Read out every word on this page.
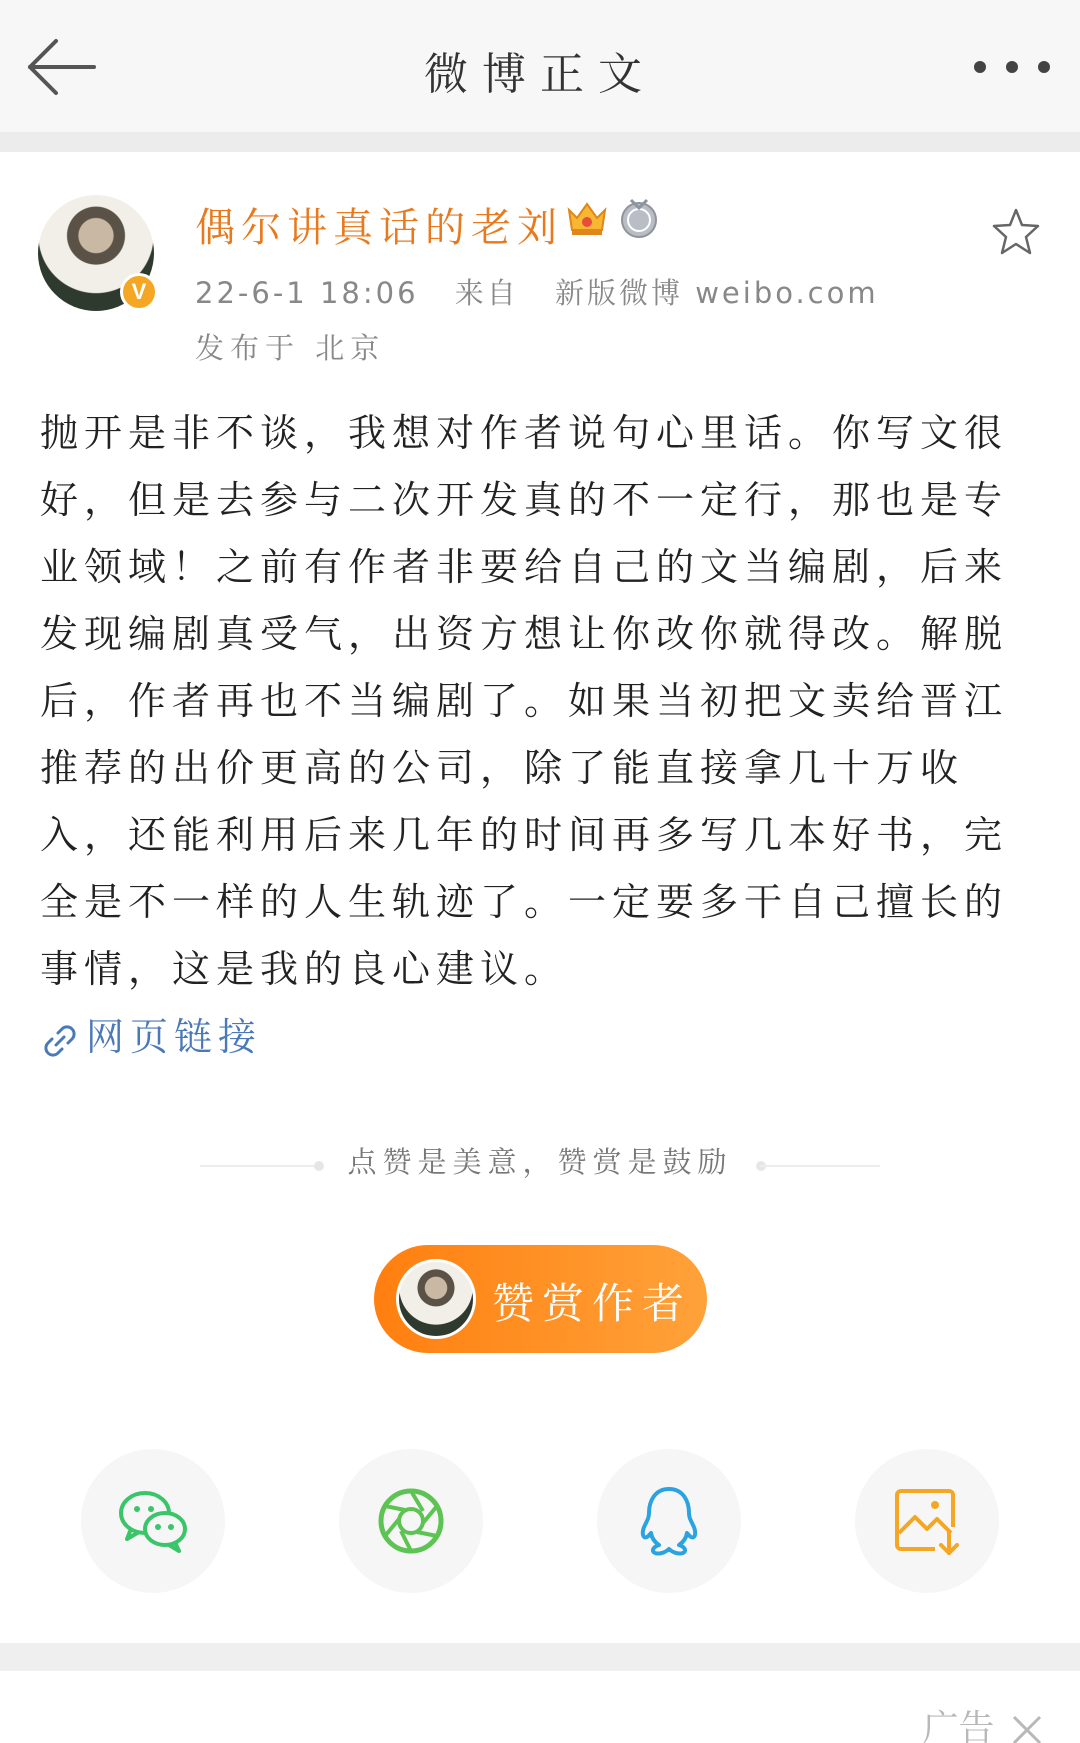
微博正文
V
偶尔讲真话的老刘
22-6-1 18:06 来自 新版微博 weibo.com
发布于 北京
抛开是非不谈，我想对作者说句心里话。你写文很好，但是去参与二次开发真的不一定行，那也是专业领域！之前有作者非要给自己的文当编剧，后来发现编剧真受气，出资方想让你改你就得改。解脱后，作者再也不当编剧了。如果当初把文卖给晋江推荐的出价更高的公司，除了能直接拿几十万收入，还能利用后来几年的时间再多写几本好书，完全是不一样的人生轨迹了。一定要多干自己擅长的事情，这是我的良心建议。
网页链接
点赞是美意，赞赏是鼓励
赞赏作者
广告
